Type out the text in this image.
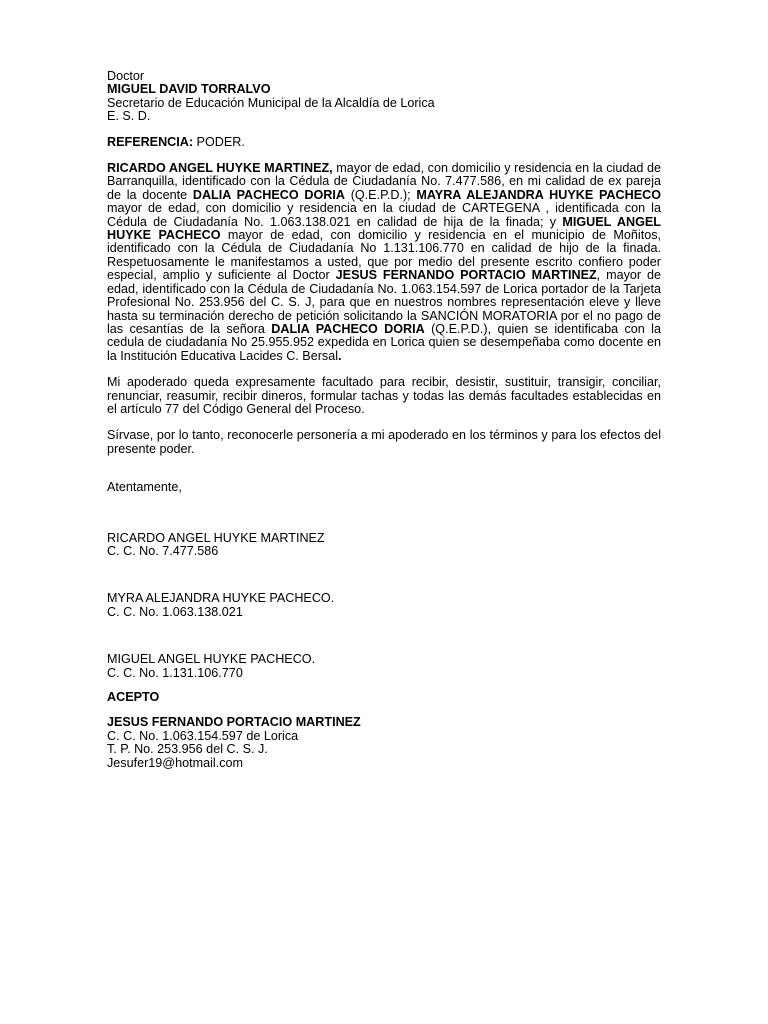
Doctor

MIGUEL DAVID TORRALVO

Secretario de Educación Municipal de la Alcaldía de Lorica

E. S. D.

REFERENCIA: PODER.

RICARDO ANGEL HUYKE MARTINEZ, mayor de edad, con domicilio y residencia en la ciudad de Barranquilla, identificado con la Cédula de Ciudadanía No. 7.477.586, en mi calidad de ex pareja de la docente DALIA PACHECO DORIA (Q.E.P.D.); MAYRA ALEJANDRA HUYKE PACHECO mayor de edad, con domicilio y residencia en la ciudad de CARTEGENA , identificada con la Cédula de Ciudadanía No. 1.063.138.021 en calidad de hija de la finada; y MIGUEL ANGEL HUYKE PACHECO mayor de edad, con domicilio y residencia en el municipio de Moñitos, identificado con la Cédula de Ciudadanía No 1.131.106.770 en calidad de hijo de la finada. Respetuosamente le manifestamos a usted, que por medio del presente escrito confiero poder especial, amplio y suficiente al Doctor JESUS FERNANDO PORTACIO MARTINEZ, mayor de edad, identificado con la Cédula de Ciudadanía No. 1.063.154.597 de Lorica portador de la Tarjeta Profesional No. 253.956 del C. S. J, para que en nuestros nombres representación eleve y lleve hasta su terminación derecho de petición solicitando la SANCIÓN MORATORIA por el no pago de las cesantías de la señora DALIA PACHECO DORIA (Q.E.P.D.), quien se identificaba con la cedula de ciudadanía No 25.955.952 expedida en Lorica quien se desempeñaba como docente en la Institución Educativa Lacides C. Bersal.

Mi apoderado queda expresamente facultado para recibir, desistir, sustituir, transigir, conciliar, renunciar, reasumir, recibir dineros, formular tachas y todas las demás facultades establecidas en el artículo 77 del Código General del Proceso.

Sírvase, por lo tanto, reconocerle personería a mi apoderado en los términos y para los efectos del presente poder.

Atentamente,

RICARDO ANGEL HUYKE MARTINEZ

C. C. No. 7.477.586

MYRA ALEJANDRA HUYKE PACHECO.

C. C. No. 1.063.138.021

MIGUEL ANGEL HUYKE PACHECO.

C. C. No. 1.131.106.770

ACEPTO

JESUS FERNANDO PORTACIO MARTINEZ

C. C. No. 1.063.154.597 de Lorica

T. P. No. 253.956 del C. S. J.

Jesufer19@hotmail.com
